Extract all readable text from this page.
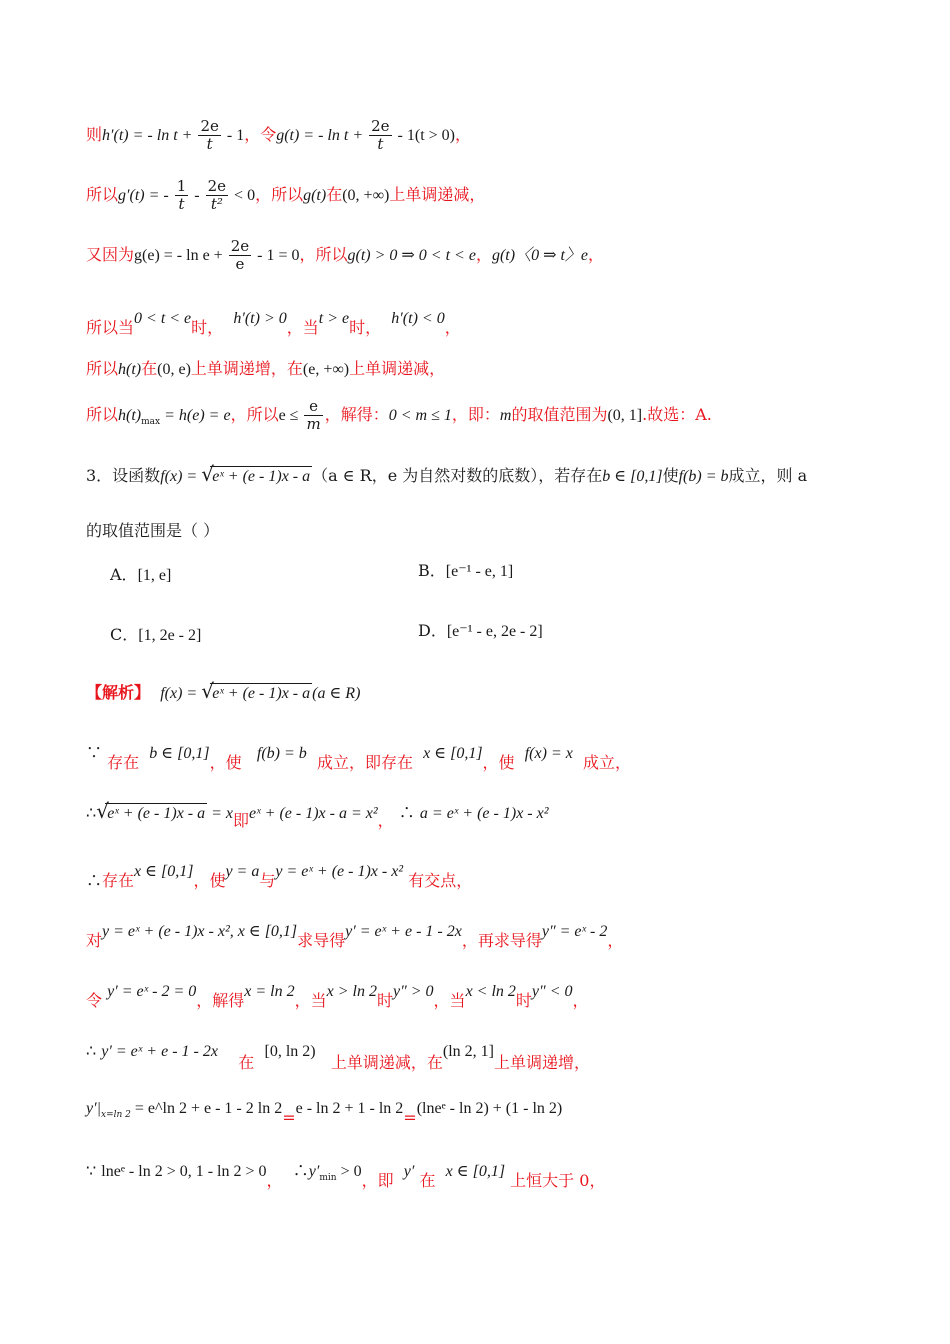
则h′(t) = - $\ln t + \frac{2e}{t} - 1$，令g(t) = - $\ln t + \frac{2e}{t} - 1(t > 0)$，
所以g′(t) = - $\frac{1}{t} - \frac{2e}{\text{t²}} < 0$，所以g(t)在(0, +∞)上单调递减，
又因为g(e) = - $\ln e + \frac{2e}{e} - 1 = 0$，所以g(t) > 0 ⇒ 0 < t < e，g(t)〈0 ⇒ t〉e，
所以当0 < t < e时， h′(t) > 0，当t > e时， h′(t) < 0，
所以h(t)在(0, e)上单调递增，在(e, +∞)上单调递减，
所以$h(t)_{max} = h(e) = e$，所以$e \le \frac{e}{m}$ ，解得：0 < m ≤ 1，即：m的取值范围为(0, 1].故选：A.
3．设函数f(x) = √
eˣ + (e - 1)x - a （a ∈ R，e 为自然对数的底数），若存在b ∈ [0,1]使f(b) = b成立，则 a
的取值范围是（ ）
A．[1, e]	B．[e⁻¹ - e, 1]
C．[1, 2e - 2]	D．[e⁻¹ - e, 2e - 2]
【解析】 f(x) = √
eˣ + (e - 1)x - a (a ∈ R)
∵ 存在 b ∈ [0,1]，使 f(b) = b 成立，即存在 x ∈ [0,1]，使 f(x) = x 成立，
∴ √
eˣ + (e - 1)x - a = x即eˣ + (e - 1)x - a = x²， ∴ a = eˣ + (e - 1)x - x²
∴存在x ∈ [0,1]，使y = a与y = eˣ + (e - 1)x - x² 有交点，
对y = eˣ + (e - 1)x - x², x ∈ [0,1]求导得y′ = eˣ + e - 1 - 2x，再求导得y″ = eˣ - 2，
令 y′ = eˣ - 2 = 0，解得x = ln 2，当x > ln 2时y″ > 0，当x < ln 2时y″ < 0，
∴ y′ = eˣ + e - 1 - 2x    在  [0, ln 2)   上单调递减，在(ln 2, 1]上单调递增，
$y'|_{x=ln 2}$ = e^ln 2 + e - 1 - 2 ln 2=e - ln 2 + 1 - ln 2=(lneᵉ - ln 2) + (1 - ln 2)
∵ lneᵉ - ln 2 > 0, 1 - ln 2 > 0，  $\therefore y'_{min} > 0$，即 y′ 在 x ∈ [0,1] 上恒大于 0，
